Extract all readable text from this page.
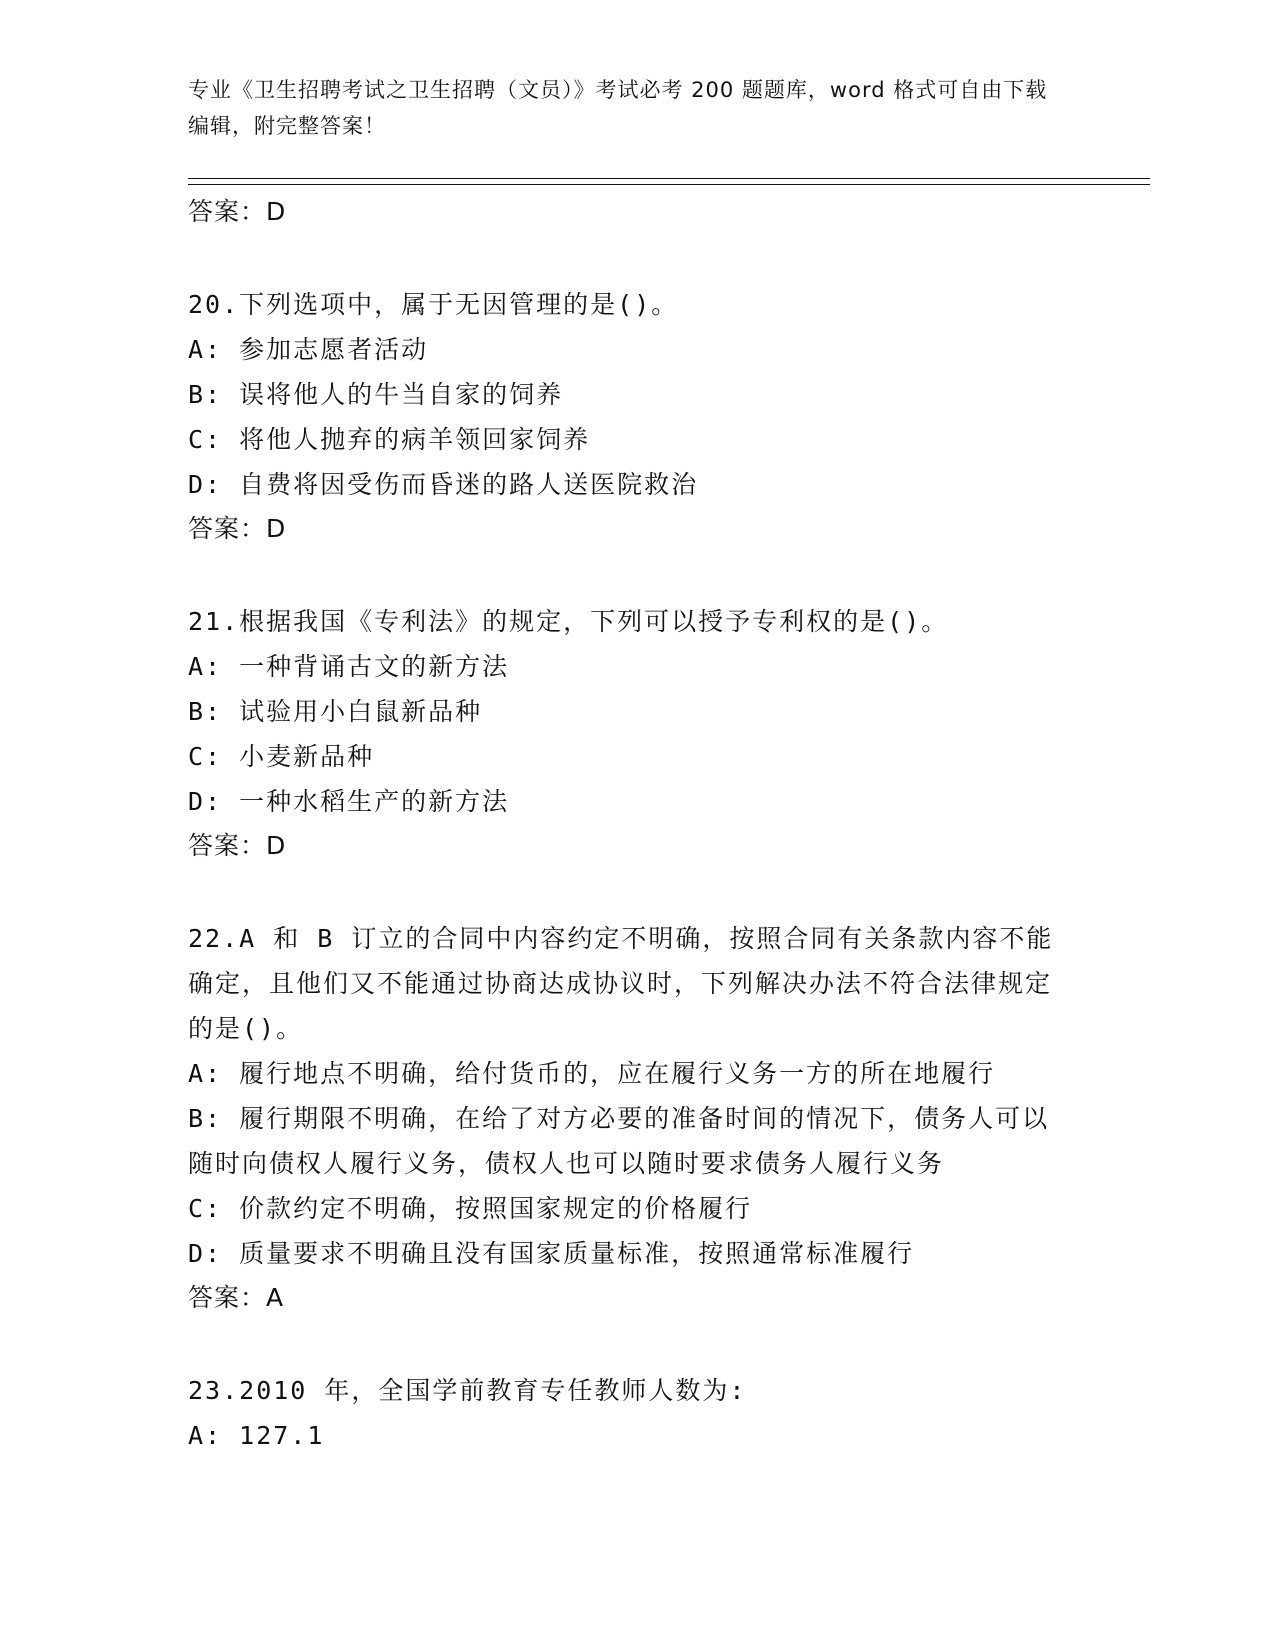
专业《卫生招聘考试之卫生招聘（文员）》考试必考 200 题题库，word 格式可自由下载编辑，附完整答案！
答案：D

20.下列选项中，属于无因管理的是()。

A: 参加志愿者活动

B: 误将他人的牛当自家的饲养

C: 将他人抛弃的病羊领回家饲养

D: 自费将因受伤而昏迷的路人送医院救治

答案：D

21.根据我国《专利法》的规定，下列可以授予专利权的是()。

A: 一种背诵古文的新方法

B: 试验用小白鼠新品种

C: 小麦新品种

D: 一种水稻生产的新方法

答案：D

22.A 和 B 订立的合同中内容约定不明确，按照合同有关条款内容不能确定，且他们又不能通过协商达成协议时，下列解决办法不符合法律规定的是()。

A: 履行地点不明确，给付货币的，应在履行义务一方的所在地履行

B: 履行期限不明确，在给了对方必要的准备时间的情况下，债务人可以随时向债权人履行义务，债权人也可以随时要求债务人履行义务

C: 价款约定不明确，按照国家规定的价格履行

D: 质量要求不明确且没有国家质量标准，按照通常标准履行

答案：A

23.2010 年，全国学前教育专任教师人数为:

A: 127.1
